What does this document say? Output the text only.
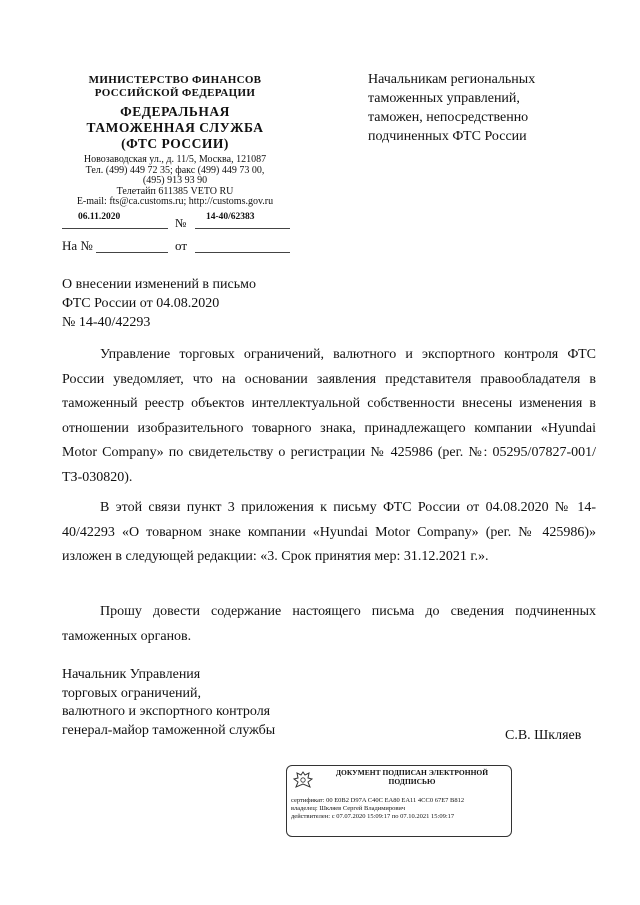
МИНИСТЕРСТВО ФИНАНСОВ
РОССИЙСКОЙ ФЕДЕРАЦИИ
ФЕДЕРАЛЬНАЯ
ТАМОЖЕННАЯ СЛУЖБА
(ФТС РОССИИ)
Новозаводская ул., д. 11/5, Москва, 121087
Тел. (499) 449 72 35; факс (499) 449 73 00,
(495) 913 93 90
Телетайп 611385 VETO RU
E-mail: fts@ca.customs.ru; http://customs.gov.ru
06.11.2020	№ 14-40/62383
На №	от
Начальникам региональных
таможенных управлений,
таможен, непосредственно
подчиненных ФТС России
О внесении изменений в письмо
ФТС России от 04.08.2020
№ 14-40/42293
Управление торговых ограничений, валютного и экспортного контроля ФТС России уведомляет, что на основании заявления представителя правообладателя в таможенный реестр объектов интеллектуальной собственности внесены изменения в отношении изобразительного товарного знака, принадлежащего компании «Hyundai Motor Company» по свидетельству о регистрации № 425986 (рег. №: 05295/07827-001/ТЗ-030820).
В этой связи пункт 3 приложения к письму ФТС России от 04.08.2020 № 14-40/42293 «О товарном знаке компании «Hyundai Motor Company» (рег. № 425986)» изложен в следующей редакции: «3. Срок принятия мер: 31.12.2021 г.».
Прошу довести содержание настоящего письма до сведения подчиненных таможенных органов.
Начальник Управления
торговых ограничений,
валютного и экспортного контроля
генерал-майор таможенной службы	С.В. Шкляев
ДОКУМЕНТ ПОДПИСАН ЭЛЕКТРОННОЙ ПОДПИСЬЮ
сертификат: 00 E0B2 D97A C40C EA80 EA11 4CC0 67E7 B812
владелец: Шкляев Сергей Владимирович
действителен: с 07.07.2020 15:09:17 по 07.10.2021 15:09:17
